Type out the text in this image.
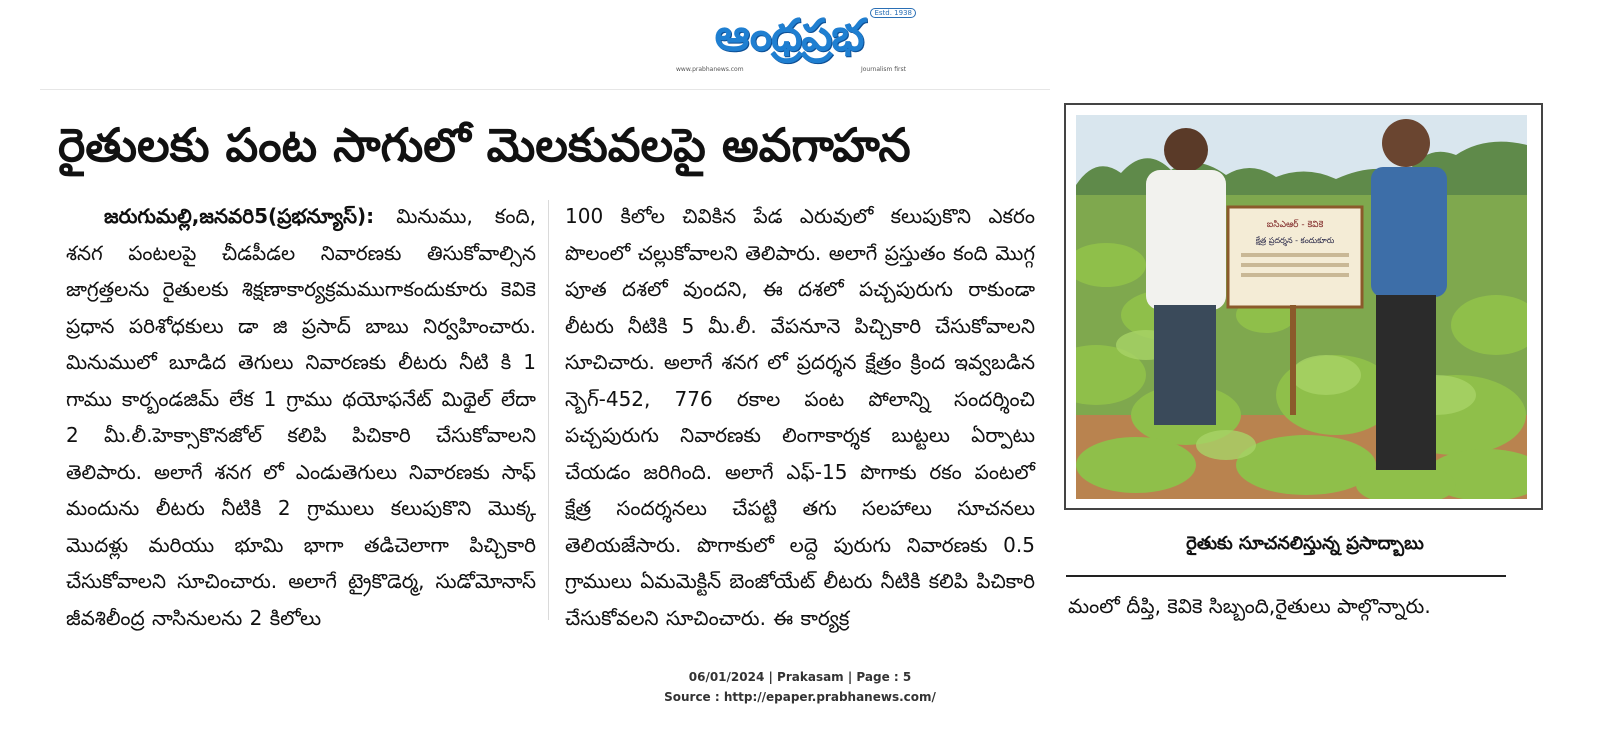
ఆంధ్రప్రభ	Estd. 1938
www.prabhanews.com	Journalism first
రైతులకు పంట సాగులో మెలకువలపై అవగాహన
జరుగుమల్లి,జనవరి5(ప్రభన్యూస్): మినుము, కంది, శనగ పంటలపై చీడపీడల నివారణకు తిసుకోవాల్సిన జాగ్రత్తలను రైతులకు శిక్షణాకార్యక్రమముగాకందుకూరు కెవికె ప్రధాన పరిశోధకులు డా జి ప్రసాద్ బాబు నిర్వహించారు. మినుములో బూడిద తెగులు నివారణకు లీటరు నీటి కి 1 గాము కార్బండజిమ్ లేక 1 గ్రాము థయోఫనేట్ మిథైల్ లేదా 2 మీ.లీ.హెక్సాకొనజోల్ కలిపి పిచికారి చేసుకోవాలని తెలిపారు. అలాగే శనగ లో ఎండుతెగులు నివారణకు సాఫ్ మందును లీటరు నీటికి 2 గ్రాములు కలుపుకొని మొక్క మొదళ్లు మరియు భూమి భాగా తడిచెలాగా పిచ్చికారి చేసుకోవాలని సూచించారు. అలాగే ట్రైకొడెర్మ, సుడోమోనాస్ జీవశిలీంద్ర నాసినులను 2 కిలోలు
100 కిలోల చివికిన పేడ ఎరువులో కలుపుకొని ఎకరం పొలంలో చల్లుకోవాలని తెలిపారు. అలాగే ప్రస్తుతం కంది మొగ్గ పూత దశలో వుందని, ఈ దశలో పచ్చపురుగు రాకుండా లీటరు నీటికి 5 మీ.లీ. వేపనూనె పిచ్చికారి చేసుకోవాలని సూచిచారు. అలాగే శనగ లో ప్రదర్శన క్షేత్రం క్రింద ఇవ్వబడిన న్బెగ్-452, 776 రకాల పంట పోలాన్ని సందర్శించి పచ్చపురుగు నివారణకు లింగాకార్శక బుట్టలు ఏర్పాటు చేయడం జరిగింది. అలాగే ఎఫ్-15 పొగాకు రకం పంటలో క్షేత్ర సందర్శనలు చేపట్టి తగు సలహాలు సూచనలు తెలియజేసారు. పొగాకులో లద్దె పురుగు నివారణకు 0.5 గ్రాములు ఏమమెక్టిన్ బెంజోయేట్ లీటరు నీటికి కలిపి పిచికారి చేసుకోవలని సూచించారు. ఈ కార్యక్ర
ఐసిఎఆర్ - కెవికె
క్షేత్ర ప్రదర్శన - కందుకూరు
రైతుకు సూచనలిస్తున్న ప్రసాద్బాబు
మంలో దీప్తి, కెవికె సిబ్బంది,రైతులు పాల్గొన్నారు.
06/01/2024 | Prakasam | Page : 5
Source : http://epaper.prabhanews.com/
